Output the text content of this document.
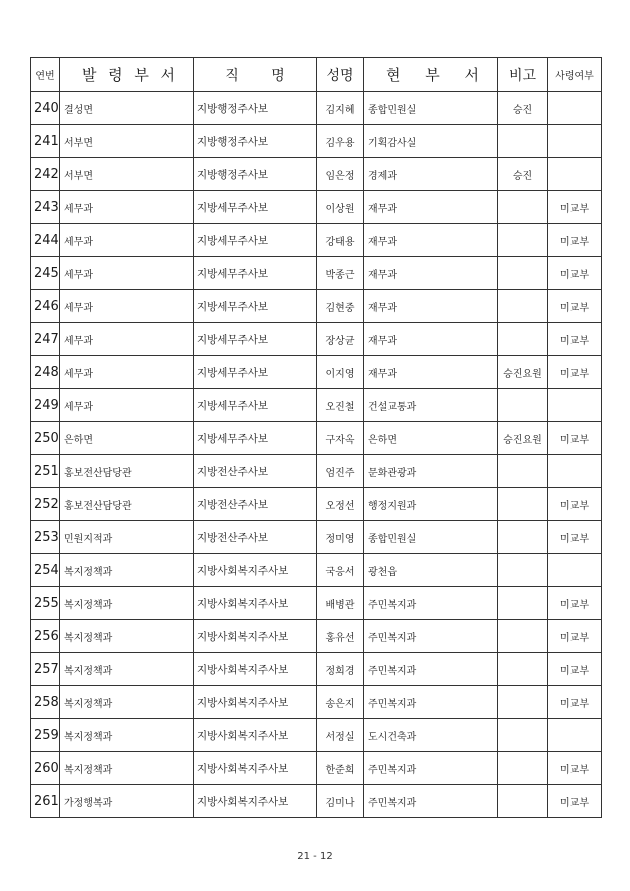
연번	발 령 부 서	직 명	성명	현 부 서	비고	사령여부
240	결성면	지방행정주사보	김지혜	종합민원실	승진	
241	서부면	지방행정주사보	김우용	기획감사실		
242	서부면	지방행정주사보	임은정	경제과	승진	
243	세무과	지방세무주사보	이상원	재무과		미교부
244	세무과	지방세무주사보	강태용	재무과		미교부
245	세무과	지방세무주사보	박종근	재무과		미교부
246	세무과	지방세무주사보	김현중	재무과		미교부
247	세무과	지방세무주사보	장상균	재무과		미교부
248	세무과	지방세무주사보	이지영	재무과	승진요원	미교부
249	세무과	지방세무주사보	오진철	건설교통과		
250	은하면	지방세무주사보	구자옥	은하면	승진요원	미교부
251	홍보전산담당관	지방전산주사보	엄진주	문화관광과		
252	홍보전산담당관	지방전산주사보	오정선	행정지원과		미교부
253	민원지적과	지방전산주사보	정미영	종합민원실		미교부
254	복지정책과	지방사회복지주사보	국응서	광천읍		
255	복지정책과	지방사회복지주사보	배병관	주민복지과		미교부
256	복지정책과	지방사회복지주사보	홍유선	주민복지과		미교부
257	복지정책과	지방사회복지주사보	정희경	주민복지과		미교부
258	복지정책과	지방사회복지주사보	송은지	주민복지과		미교부
259	복지정책과	지방사회복지주사보	서정실	도시건축과		
260	복지정책과	지방사회복지주사보	한준희	주민복지과		미교부
261	가정행복과	지방사회복지주사보	김미나	주민복지과		미교부
21 - 12
